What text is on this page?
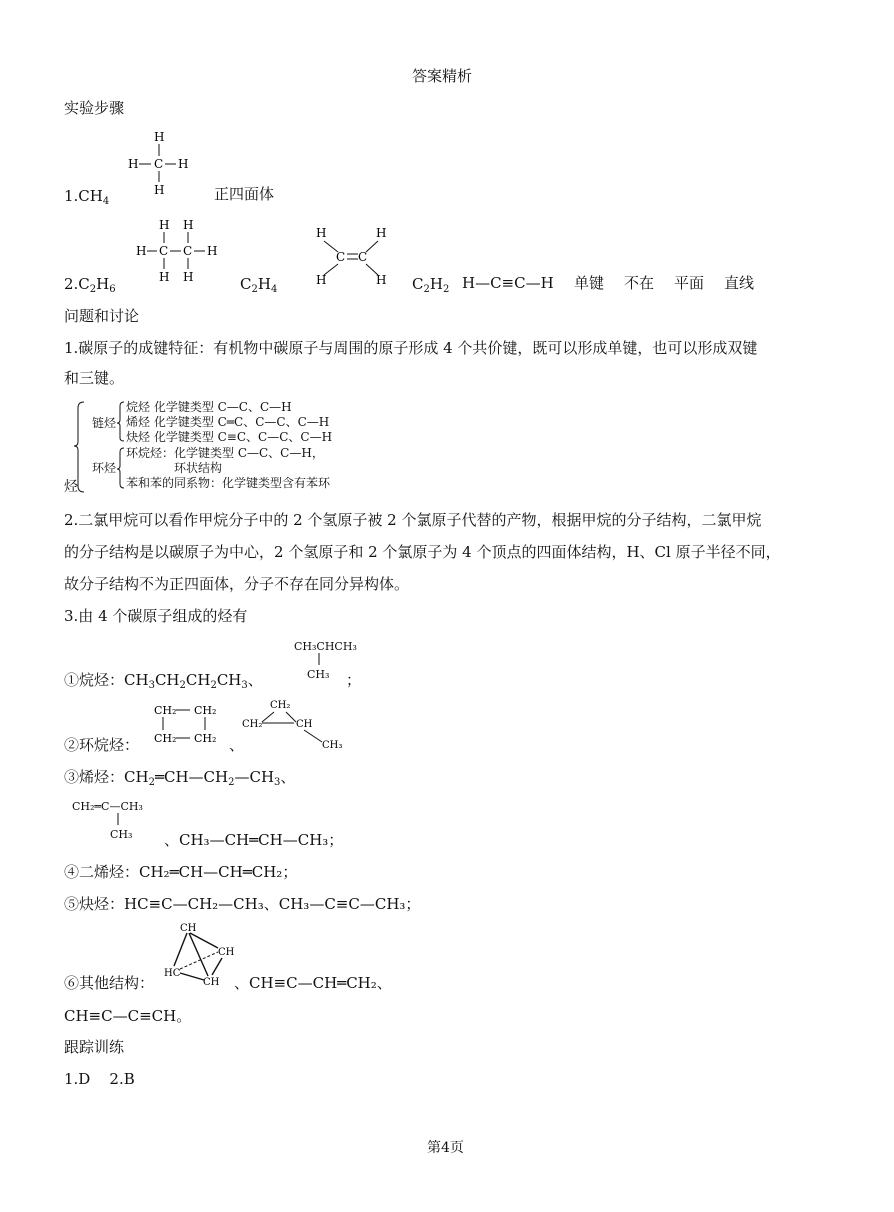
答案精析
实验步骤
H
H C H
H
$1.CH_4$	正四面体
H H
H C C H
H H
H	H
C C
H	H
$2.C_2H_6$	$C_2H_4$	$C_2H_2$ H—C≡C—H 单键 不在 平面 直线
问题和讨论
1.碳原子的成键特征：有机物中碳原子与周围的原子形成 4 个共价键，既可以形成单键，也可以形成双键
和三键。
烃
链烃
环烃
烷烃 化学键类型 C—C、C—H
烯烃 化学键类型 C═C、C—C、C—H
炔烃 化学键类型 C≡C、C—C、C—H
环烷烃：化学键类型 C—C、C—H，
环状结构
苯和苯的同系物：化学键类型含有苯环
2.二氯甲烷可以看作甲烷分子中的 2 个氢原子被 2 个氯原子代替的产物，根据甲烷的分子结构，二氯甲烷
的分子结构是以碳原子为中心，2 个氢原子和 2 个氯原子为 4 个顶点的四面体结构，H、Cl 原子半径不同，
故分子结构不为正四面体，分子不存在同分异构体。
3.由 4 个碳原子组成的烃有
CH₃CHCH₃
CH₃
①烷烃：$CH_3CH_2CH_2CH_3$、	；
CH₂ CH₂
CH₂ CH₂
CH₂
CH₂	CH
CH₃
②环烷烃：	、
③烯烃：$CH_2═CH—CH_2—CH_3$、
CH₂═C—CH₃
CH₃ 、CH₃—CH═CH—CH₃；
④二烯烃：CH₂═CH—CH═CH₂；
⑤炔烃：HC≡C—CH₂—CH₃、CH₃—C≡C—CH₃；
CH
CH
HC
CH
⑥其他结构：	、CH≡C—CH═CH₂、
CH≡C—C≡CH。
跟踪训练
1.D    2.B
第4页
